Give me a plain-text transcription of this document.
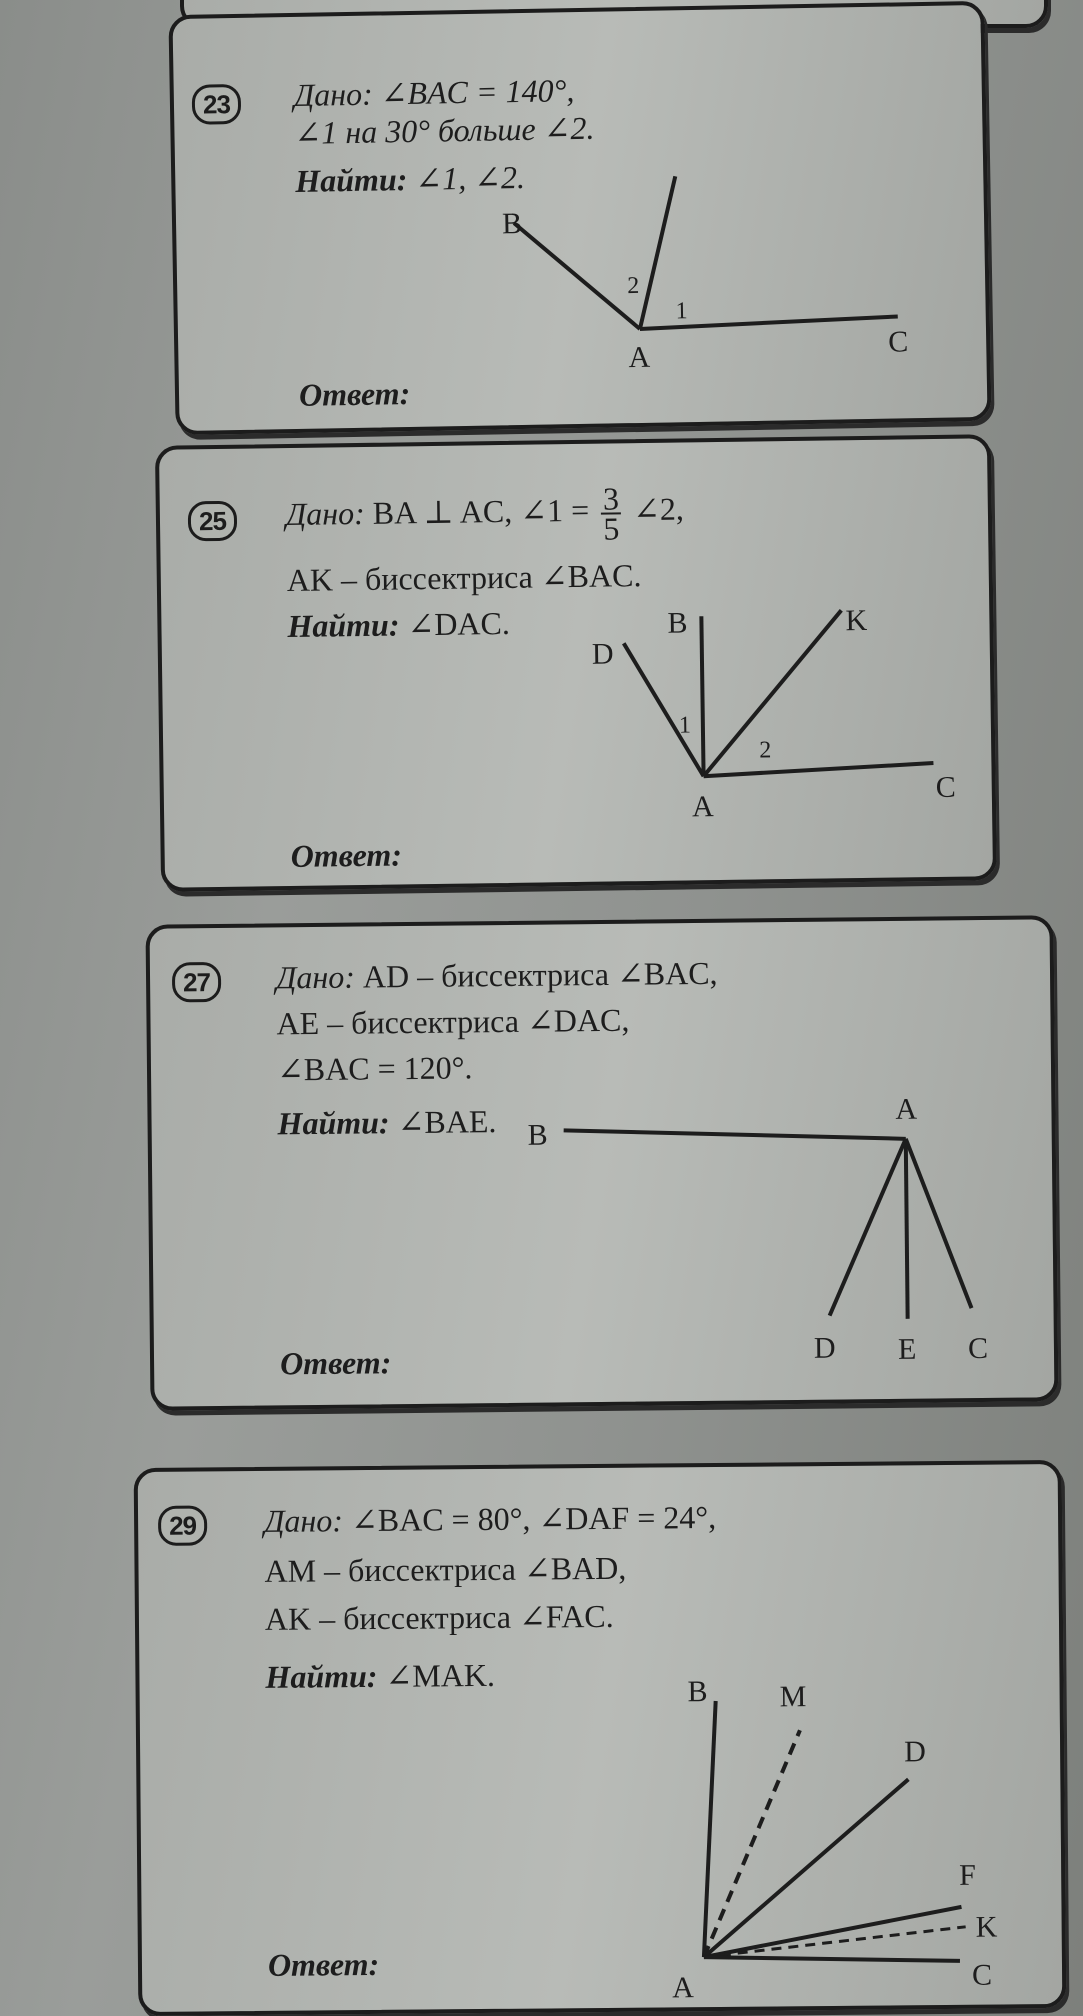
23	Дано: ∠BAC = 140°,
∠1 на 30° больше ∠2.
Найти: ∠1, ∠2.
B
A	C
2
1
Ответ:
25	Дано: BA ⊥ AC, ∠1 = $\frac{3}{5}$ ∠2,
AK – биссектриса ∠BAC.
Найти: ∠DAC.
D
B	K
1
2
A
C
Ответ:
27	Дано: AD – биссектриса ∠BAC,
AE – биссектриса ∠DAC,
∠BAC = 120°.
Найти: ∠BAE. B
A
D E C
Ответ:
29	Дано: ∠BAC = 80°, ∠DAF = 24°,
AM – биссектриса ∠BAD,
AK – биссектриса ∠FAC.
Найти: ∠MAK.	B M
D
F
K
A	C
Ответ:
